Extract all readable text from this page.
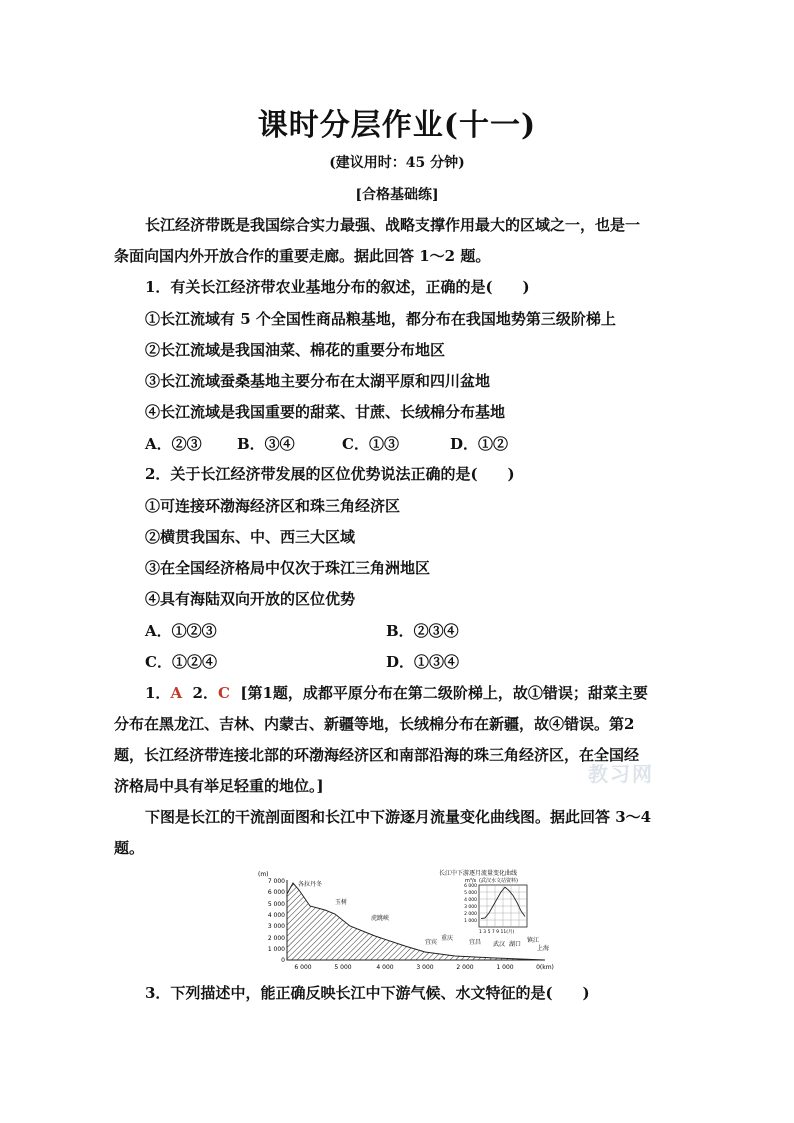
课时分层作业(十一)
(建议用时：45 分钟)
[合格基础练]
长江经济带既是我国综合实力最强、战略支撑作用最大的区域之一，也是一
条面向国内外开放合作的重要走廊。据此回答 1～2 题。
1．有关长江经济带农业基地分布的叙述，正确的是(　　)
①长江流域有 5 个全国性商品粮基地，都分布在我国地势第三级阶梯上
②长江流域是我国油菜、棉花的重要分布地区
③长江流域蚕桑基地主要分布在太湖平原和四川盆地
④长江流域是我国重要的甜菜、甘蔗、长绒棉分布基地
A．②③ B．③④	C．①③	D．①②
2．关于长江经济带发展的区位优势说法正确的是(　　)
①可连接环渤海经济区和珠三角经济区
②横贯我国东、中、西三大区域
③在全国经济格局中仅次于珠江三角洲地区
④具有海陆双向开放的区位优势
A．①②③	B．②③④
C．①②④	D．①③④
1．A 2．C [第1题，成都平原分布在第二级阶梯上，故①错误；甜菜主要
分布在黑龙江、吉林、内蒙古、新疆等地，长绒棉分布在新疆，故④错误。第2
题，长江经济带连接北部的环渤海经济区和南部沿海的珠三角经济区，在全国经
济格局中具有举足轻重的地位。]	教习网
下图是长江的干流剖面图和长江中下游逐月流量变化曲线图。据此回答 3～4
题。
(m)
7 000
6 000
5 000
4 000
3 000
2 000
1 000
0
6 000	5 000	4 000	3 000	2 000	1 000	0(km)
各拉丹冬
玉树
虎跳峡
宜宾
重庆
宜昌 武汉 湖口
镇江
上海
长江中下游逐月流量变化曲线
m³/s (武汉水文站资料)
6 000
5 000
4 000
3 000
2 000
1 000
1 3 5 7 9 11(月)
3．下列描述中，能正确反映长江中下游气候、水文特征的是(　　)
